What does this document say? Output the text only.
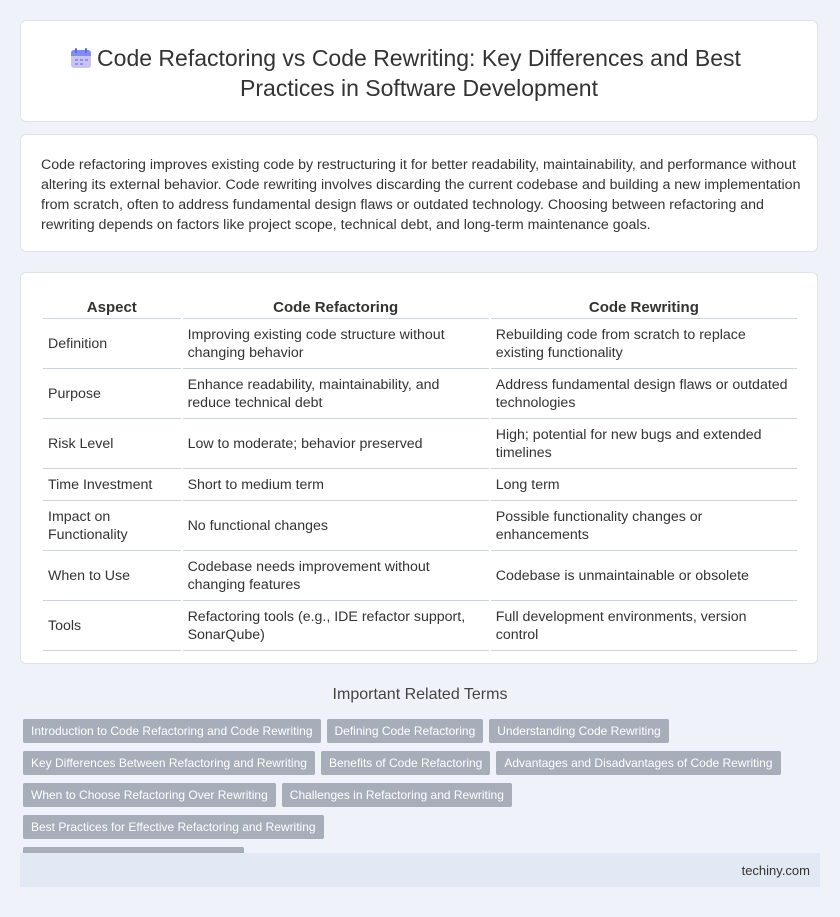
Code Refactoring vs Code Rewriting: Key Differences and Best Practices in Software Development

Code refactoring improves existing code by restructuring it for better readability, maintainability, and performance without altering its external behavior. Code rewriting involves discarding the current codebase and building a new implementation from scratch, often to address fundamental design flaws or outdated technology. Choosing between refactoring and rewriting depends on factors like project scope, technical debt, and long-term maintenance goals.

Aspect	Code Refactoring	Code Rewriting
Definition	Improving existing code structure without changing behavior	Rebuilding code from scratch to replace existing functionality
Purpose	Enhance readability, maintainability, and reduce technical debt	Address fundamental design flaws or outdated technologies
Risk Level	Low to moderate; behavior preserved	High; potential for new bugs and extended timelines
Time Investment	Short to medium term	Long term
Impact on Functionality	No functional changes	Possible functionality changes or enhancements
When to Use	Codebase needs improvement without changing features	Codebase is unmaintainable or obsolete
Tools	Refactoring tools (e.g., IDE refactor support, SonarQube)	Full development environments, version control
Important Related Terms
Introduction to Code Refactoring and Code Rewriting Defining Code Refactoring Understanding Code Rewriting
Key Differences Between Refactoring and Rewriting Benefits of Code Refactoring Advantages and Disadvantages of Code Rewriting
When to Choose Refactoring Over Rewriting Challenges in Refactoring and RewritingBest Practices for Effective Refactoring and Rewriting

techiny.com
